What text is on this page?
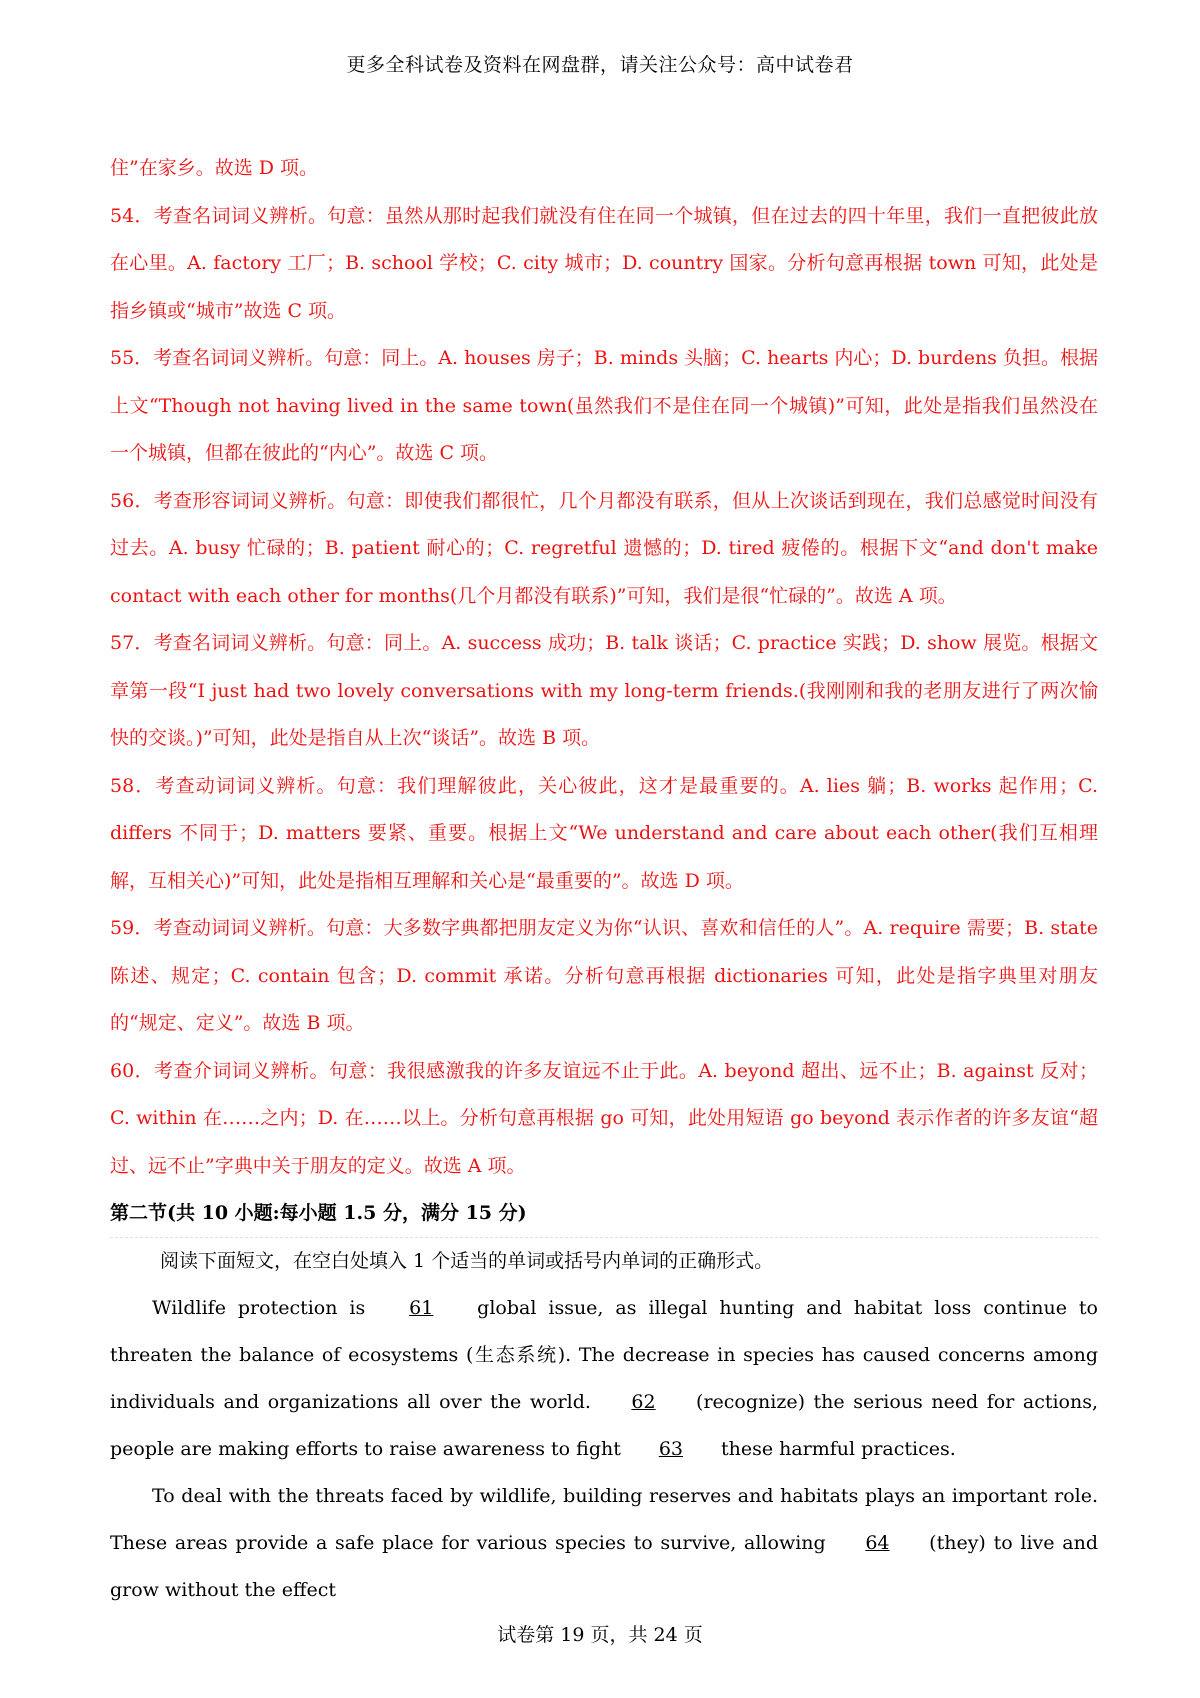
更多全科试卷及资料在网盘群，请关注公众号：高中试卷君

住”在家乡。故选 D 项。

54．考查名词词义辨析。句意：虽然从那时起我们就没有住在同一个城镇，但在过去的四十年里，我们一直把彼此放在心里。A. factory 工厂；B. school 学校；C. city 城市；D. country 国家。分析句意再根据 town 可知，此处是指乡镇或“城市”故选 C 项。

55．考查名词词义辨析。句意：同上。A. houses 房子；B. minds 头脑；C. hearts 内心；D. burdens 负担。根据上文“Though not having lived in the same town(虽然我们不是住在同一个城镇)”可知，此处是指我们虽然没在一个城镇，但都在彼此的“内心”。故选 C 项。

56．考查形容词词义辨析。句意：即使我们都很忙，几个月都没有联系，但从上次谈话到现在，我们总感觉时间没有过去。A. busy 忙碌的；B. patient 耐心的；C. regretful 遗憾的；D. tired 疲倦的。根据下文“and don't make contact with each other for months(几个月都没有联系)”可知，我们是很“忙碌的”。故选 A 项。

57．考查名词词义辨析。句意：同上。A. success 成功；B. talk 谈话；C. practice 实践；D. show 展览。根据文章第一段“I just had two lovely conversations with my long-term friends.(我刚刚和我的老朋友进行了两次愉快的交谈。)”可知，此处是指自从上次“谈话”。故选 B 项。

58．考查动词词义辨析。句意：我们理解彼此，关心彼此，这才是最重要的。A. lies 躺；B. works 起作用；C. differs 不同于；D. matters 要紧、重要。根据上文“We understand and care about each other(我们互相理解，互相关心)”可知，此处是指相互理解和关心是“最重要的”。故选 D 项。

59．考查动词词义辨析。句意：大多数字典都把朋友定义为你“认识、喜欢和信任的人”。A. require 需要；B. state 陈述、规定；C. contain 包含；D. commit 承诺。分析句意再根据 dictionaries 可知，此处是指字典里对朋友的“规定、定义”。故选 B 项。

60．考查介词词义辨析。句意：我很感激我的许多友谊远不止于此。A. beyond 超出、远不止；B. against 反对；C. within 在……之内；D. 在……以上。分析句意再根据 go 可知，此处用短语 go beyond 表示作者的许多友谊“超过、远不止”字典中关于朋友的定义。故选 A 项。

第二节(共 10 小题:每小题 1.5 分，满分 15 分)

阅读下面短文，在空白处填入 1 个适当的单词或括号内单词的正确形式。

Wildlife protection is 61 global issue, as illegal hunting and habitat loss continue to threaten the balance of ecosystems (生态系统). The decrease in species has caused concerns among individuals and organizations all over the world. 62 (recognize) the serious need for actions, people are making efforts to raise awareness to fight 63 these harmful practices.

To deal with the threats faced by wildlife, building reserves and habitats plays an important role. These areas provide a safe place for various species to survive, allowing 64 (they) to live and grow without the effect

试卷第 19 页，共 24 页
